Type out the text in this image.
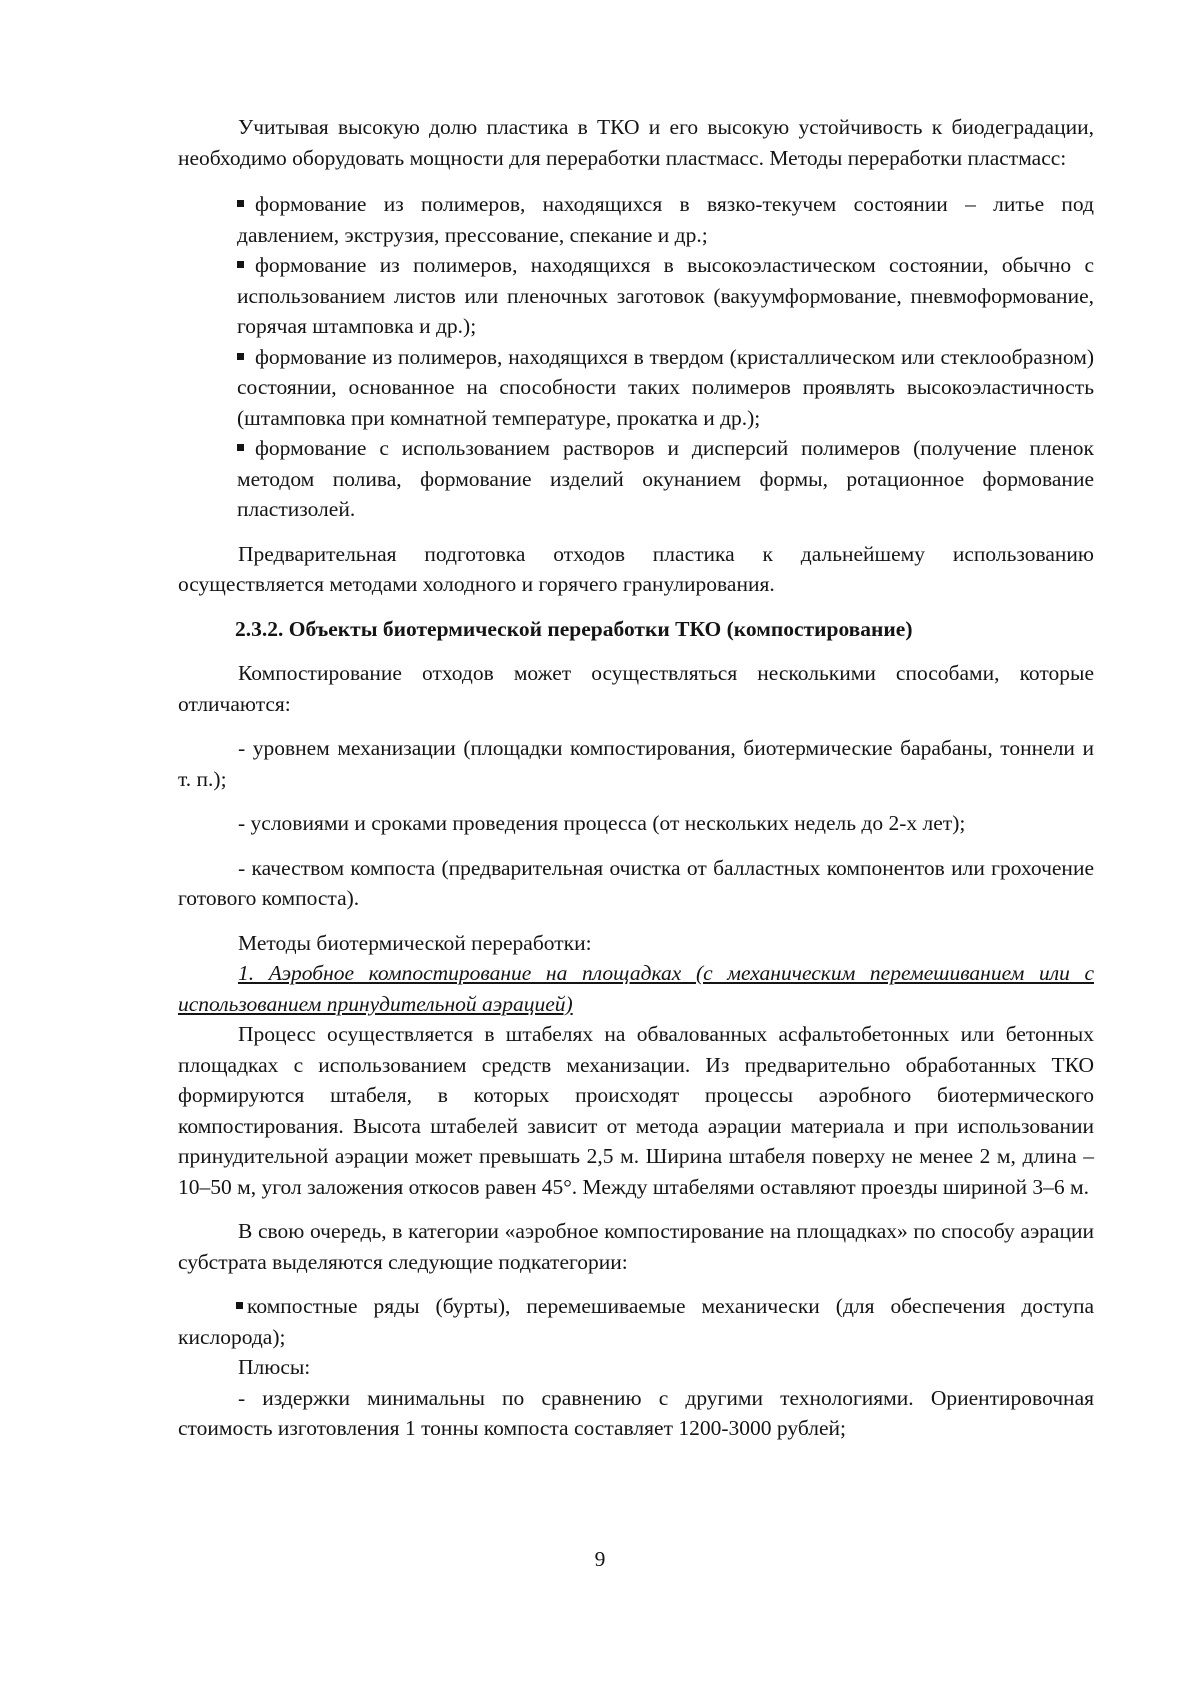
Учитывая высокую долю пластика в ТКО и его высокую устойчивость к биодеградации, необходимо оборудовать мощности для переработки пластмасс. Методы переработки пластмасс:

формование из полимеров, находящихся в вязко-текучем состоянии – литье под давлением, экструзия, прессование, спекание и др.;
формование из полимеров, находящихся в высокоэластическом состоянии, обычно с использованием листов или пленочных заготовок (вакуумформование, пневмоформование, горячая штамповка и др.);
формование из полимеров, находящихся в твердом (кристаллическом или стеклообразном) состоянии, основанное на способности таких полимеров проявлять высокоэластичность (штамповка при комнатной температуре, прокатка и др.);
формование с использованием растворов и дисперсий полимеров (получение пленок методом полива, формование изделий окунанием формы, ротационное формование пластизолей.

Предварительная подготовка отходов пластика к дальнейшему использованию осуществляется методами холодного и горячего гранулирования.

2.3.2. Объекты биотермической переработки ТКО (компостирование)

Компостирование отходов может осуществляться несколькими способами, которые отличаются:

- уровнем механизации (площадки компостирования, биотермические барабаны, тоннели и т. п.);

- условиями и сроками проведения процесса (от нескольких недель до 2-х лет);

- качеством компоста (предварительная очистка от балластных компонентов или грохочение готового компоста).

Методы биотермической переработки:

1. Аэробное компостирование на площадках (с механическим перемешиванием или с использованием принудительной аэрацией)

Процесс осуществляется в штабелях на обвалованных асфальтобетонных или бетонных площадках с использованием средств механизации. Из предварительно обработанных ТКО формируются штабеля, в которых происходят процессы аэробного биотермического компостирования. Высота штабелей зависит от метода аэрации материала и при использовании принудительной аэрации может превышать 2,5 м. Ширина штабеля поверху не менее 2 м, длина – 10–50 м, угол заложения откосов равен 45°. Между штабелями оставляют проезды шириной 3–6 м.

В свою очередь, в категории «аэробное компостирование на площадках» по способу аэрации субстрата выделяются следующие подкатегории:

компостные ряды (бурты), перемешиваемые механически (для обеспечения доступа кислорода);

Плюсы:

- издержки минимальны по сравнению с другими технологиями. Ориентировочная стоимость изготовления 1 тонны компоста составляет 1200-3000 рублей;

9
